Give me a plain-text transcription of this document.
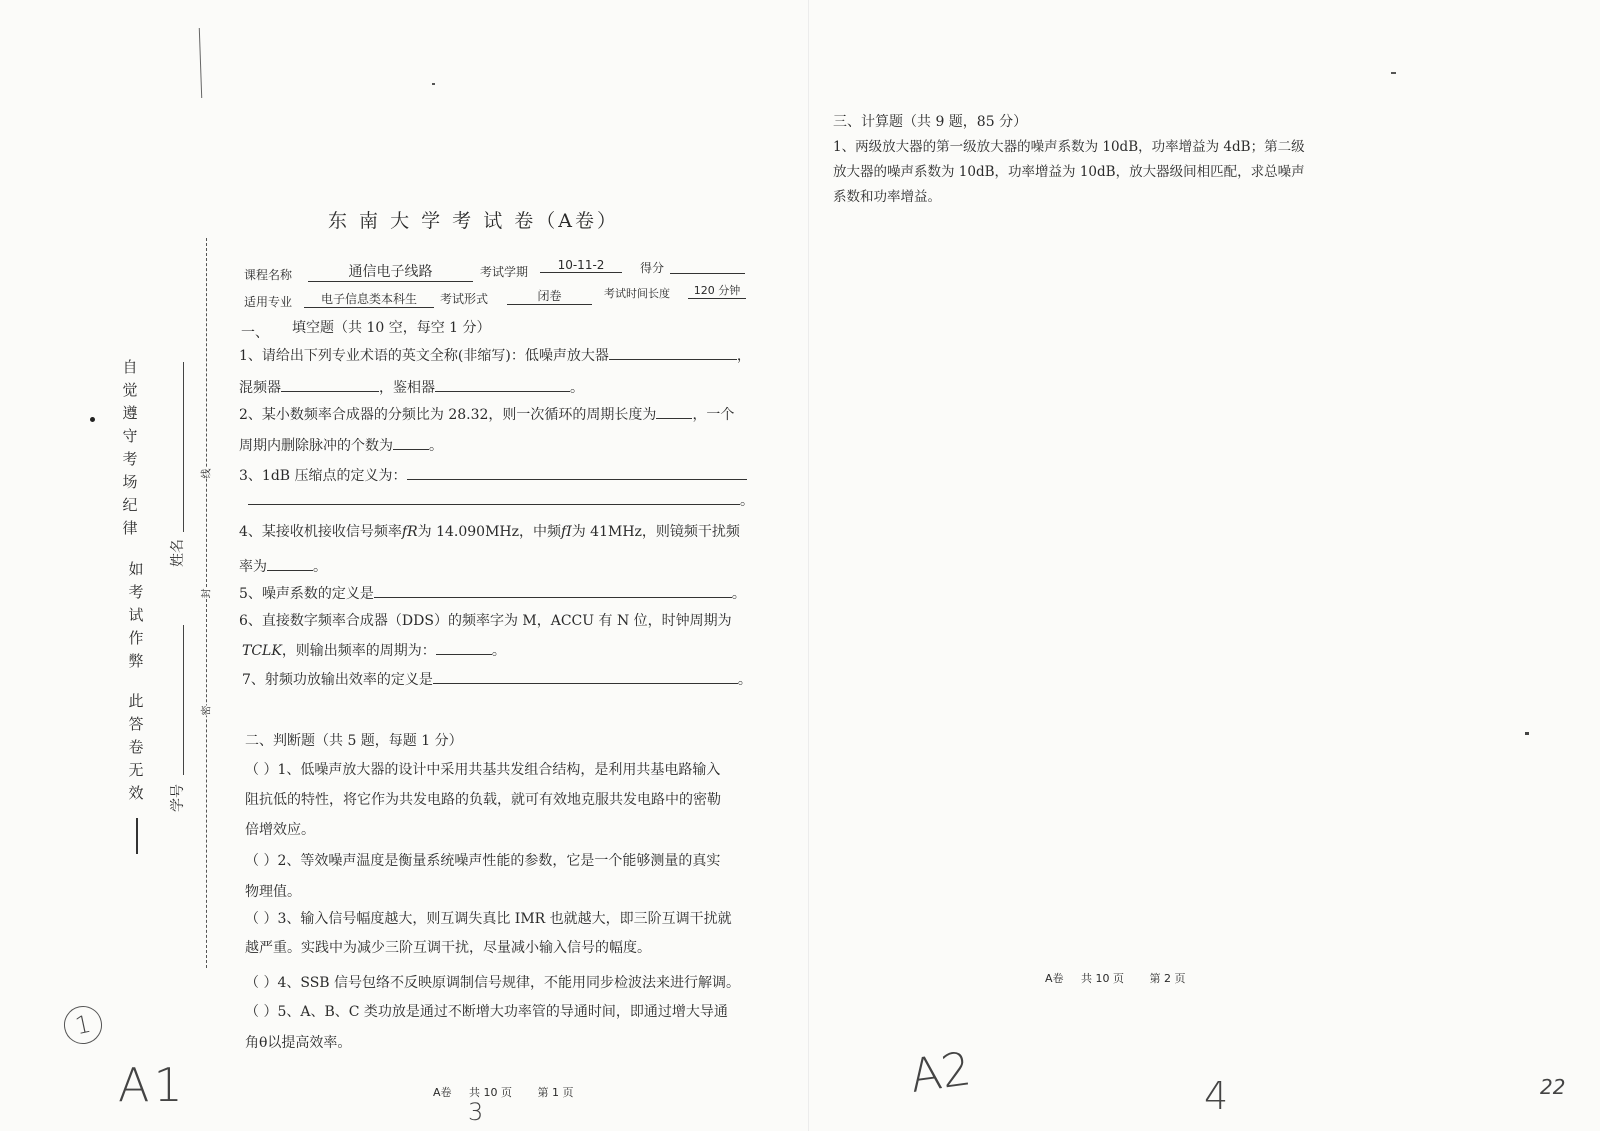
自觉遵守考场纪律
如考试作弊
此答卷无效
姓名
学号
线
封
密
东 南 大 学 考 试 卷（A卷）
课程名称	通信电子线路	考试学期	10-11-2	得分
适用专业	电子信息类本科生	考试形式	闭卷	考试时间长度	120 分钟
一、 填空题（共 10 空，每空 1 分）
1、请给出下列专业术语的英文全称(非缩写)：低噪声放大器	，
混频器	，鉴相器	。
2、某小数频率合成器的分频比为 28.32，则一次循环的周期长度为	，一个
周期内删除脉冲的个数为	。
3、1dB 压缩点的定义为：
。
4、某接收机接收信号频率fR为 14.090MHz，中频fI为 41MHz，则镜频干扰频
率为	。
5、噪声系数的定义是	。
6、直接数字频率合成器（DDS）的频率字为 M，ACCU 有 N 位，时钟周期为
TCLK，则输出频率的周期为：	。
7、射频功放输出效率的定义是	。
二、判断题（共 5 题，每题 1 分）
（ ）1、低噪声放大器的设计中采用共基共发组合结构，是利用共基电路输入
阻抗低的特性，将它作为共发电路的负载，就可有效地克服共发电路中的密勒
倍增效应。
（ ）2、等效噪声温度是衡量系统噪声性能的参数，它是一个能够测量的真实
物理值。
（ ）3、输入信号幅度越大，则互调失真比 IMR 也就越大，即三阶互调干扰就
越严重。实践中为减少三阶互调干扰，尽量减小输入信号的幅度。
（ ）4、SSB 信号包络不反映原调制信号规律，不能用同步检波法来进行解调。
（ ）5、A、B、C 类功放是通过不断增大功率管的导通时间，即通过增大导通
角θ以提高效率。
A卷 共 10 页 第 1 页
三、计算题（共 9 题，85 分）
1、两级放大器的第一级放大器的噪声系数为 10dB，功率增益为 4dB；第二级
放大器的噪声系数为 10dB，功率增益为 10dB，放大器级间相匹配，求总噪声
系数和功率增益。
A卷 共 10 页 第 2 页
1
A1	3
A2	4	22
